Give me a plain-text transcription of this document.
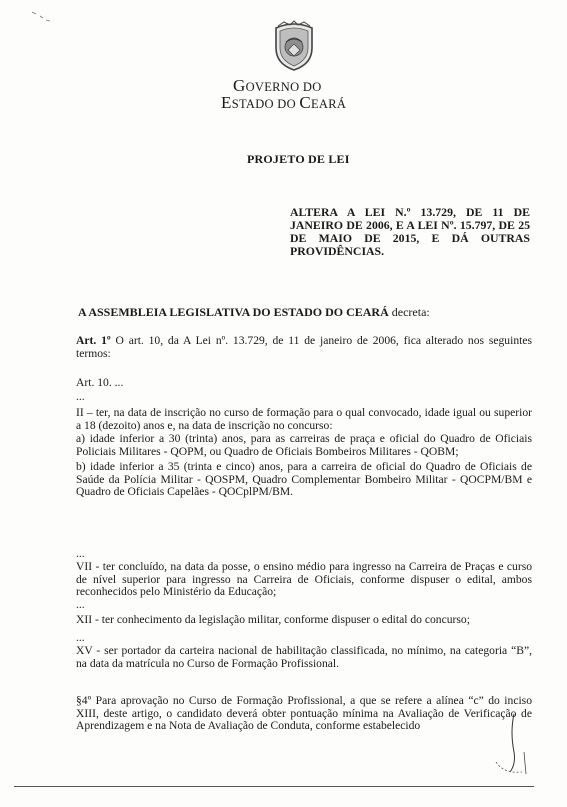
GOVERNO DO
ESTADO DO CEARÁ
PROJETO DE LEI
ALTERA A LEI N.º 13.729, DE 11 DE JANEIRO DE 2006, E A LEI Nº. 15.797, DE 25 DE MAIO DE 2015, E DÁ OUTRAS PROVIDÊNCIAS.
A ASSEMBLEIA LEGISLATIVA DO ESTADO DO CEARÁ decreta:
Art. 1º O art. 10, da A Lei nº. 13.729, de 11 de janeiro de 2006, fica alterado nos seguintes termos:
Art. 10. ...
...
II – ter, na data de inscrição no curso de formação para o qual convocado, idade igual ou superior a 18 (dezoito) anos e, na data de inscrição no concurso:
a) idade inferior a 30 (trinta) anos, para as carreiras de praça e oficial do Quadro de Oficiais Policiais Militares - QOPM, ou Quadro de Oficiais Bombeiros Militares - QOBM;
b) idade inferior a 35 (trinta e cinco) anos, para a carreira de oficial do Quadro de Oficiais de Saúde da Polícia Militar - QOSPM, Quadro Complementar Bombeiro Militar - QOCPM/BM e Quadro de Oficiais Capelães - QOCplPM/BM.
...
VII - ter concluído, na data da posse, o ensino médio para ingresso na Carreira de Praças e curso de nível superior para ingresso na Carreira de Oficiais, conforme dispuser o edital, ambos reconhecidos pelo Ministério da Educação;
...
XII - ter conhecimento da legislação militar, conforme dispuser o edital do concurso;
...
XV - ser portador da carteira nacional de habilitação classificada, no mínimo, na categoria “B”, na data da matrícula no Curso de Formação Profissional.
§4º Para aprovação no Curso de Formação Profissional, a que se refere a alínea “c” do inciso XIII, deste artigo, o candidato deverá obter pontuação mínima na Avaliação de Verificação de Aprendizagem e na Nota de Avaliação de Conduta, conforme estabelecido
